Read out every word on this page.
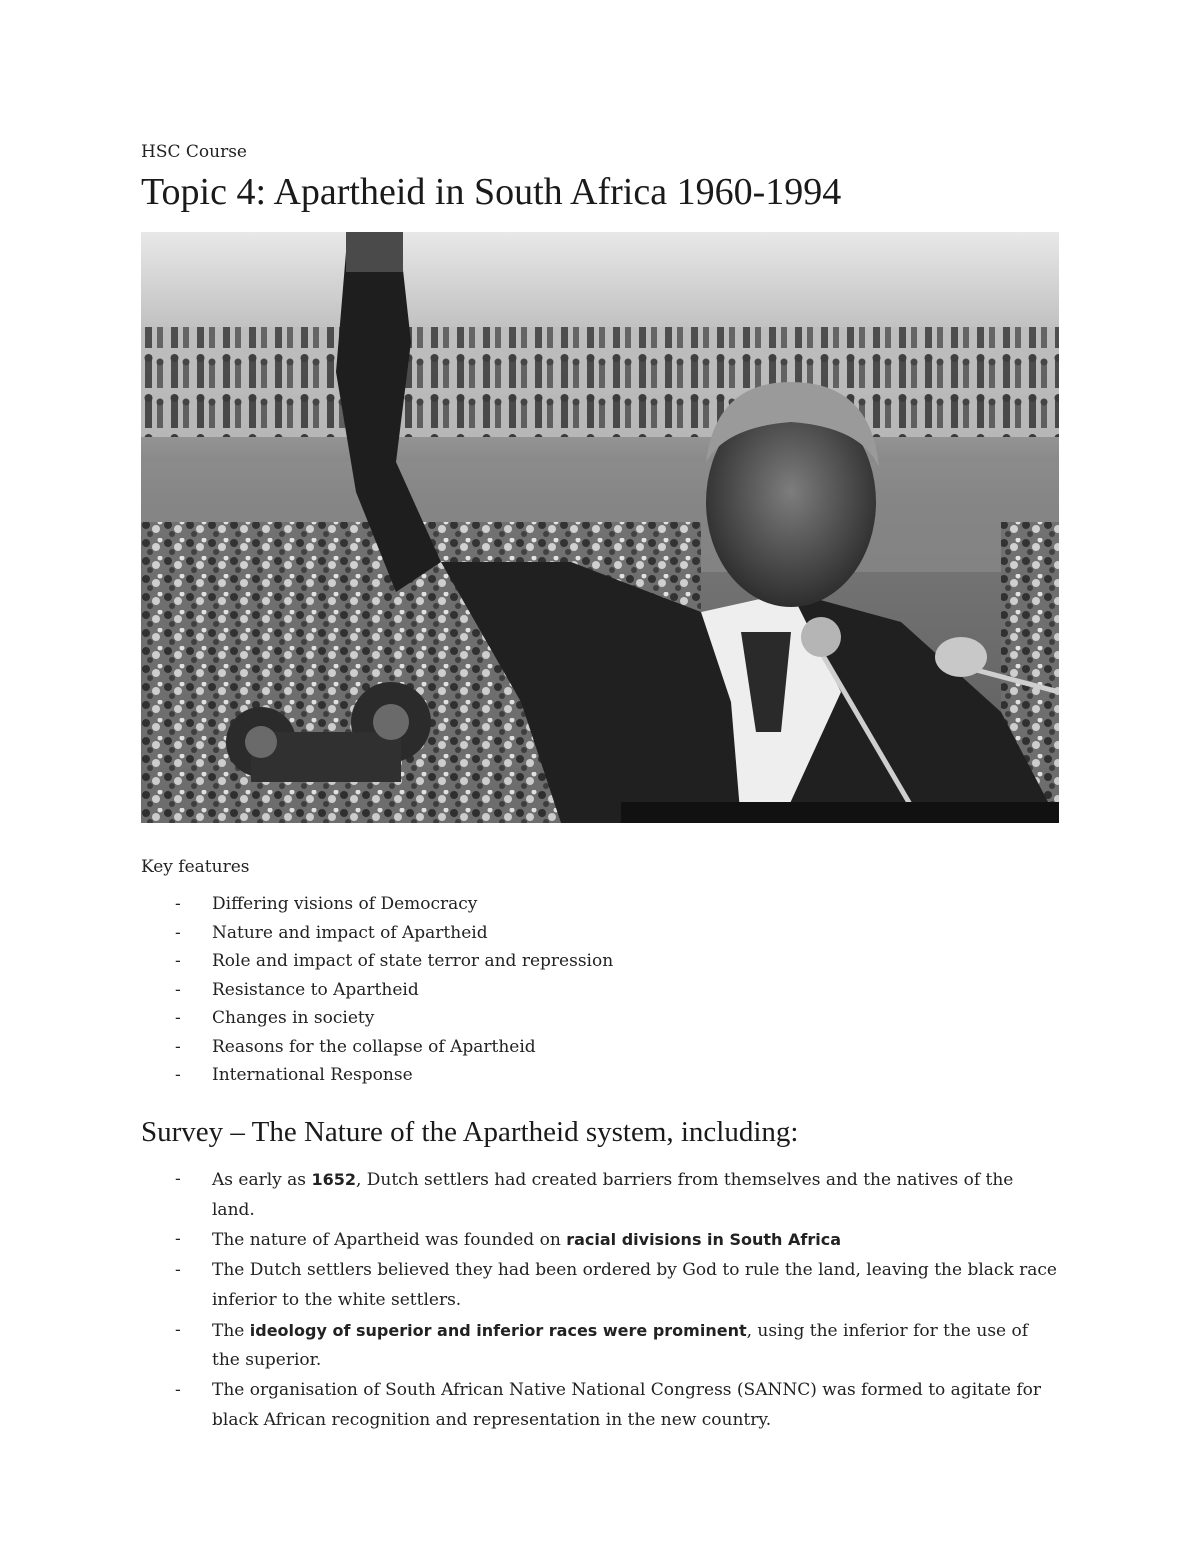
HSC Course
Topic 4: Apartheid in South Africa 1960-1994
Key features
- Differing visions of Democracy
- Nature and impact of Apartheid
- Role and impact of state terror and repression
- Resistance to Apartheid
- Changes in society
- Reasons for the collapse of Apartheid
- International Response
Survey – The Nature of the Apartheid system, including:
- As early as 1652, Dutch settlers had created barriers from themselves and the natives of the land.
- The nature of Apartheid was founded on racial divisions in South Africa
- The Dutch settlers believed they had been ordered by God to rule the land, leaving the black race inferior to the white settlers.
- The ideology of superior and inferior races were prominent, using the inferior for the use of the superior.
- The organisation of South African Native National Congress (SANNC) was formed to agitate for black African recognition and representation in the new country.
